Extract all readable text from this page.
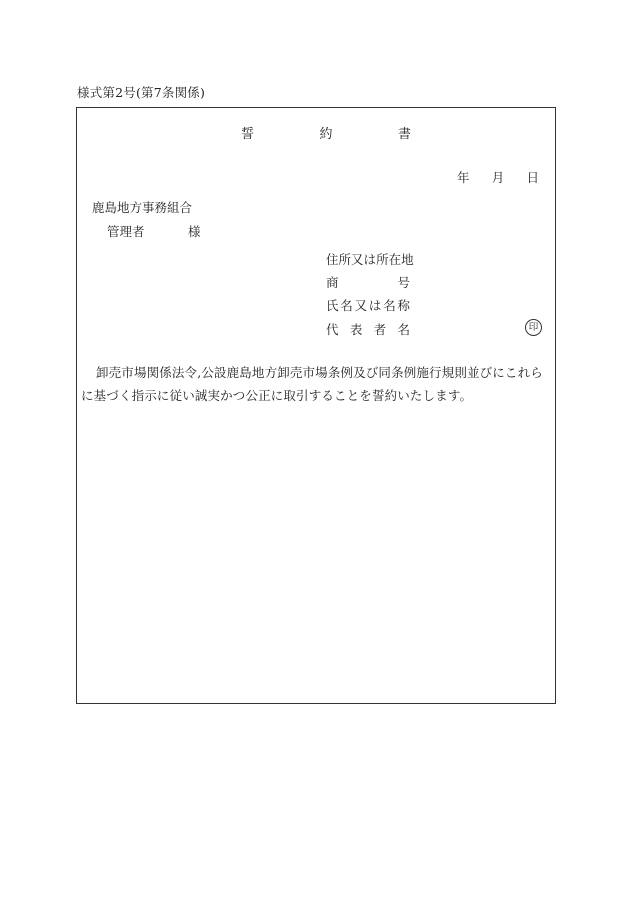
様式第2号(第7条関係)
誓	約	書
年 月 日
鹿島地方事務組合
管理者	様
住 所 又 は 所 在 地
商	号
氏 名 又 は 名 称
代 表 者 名	印
卸売市場関係法令,公設鹿島地方卸売市場条例及び同条例施行規則並びにこれらに基づく指示に従い誠実かつ公正に取引することを誓約いたします。
